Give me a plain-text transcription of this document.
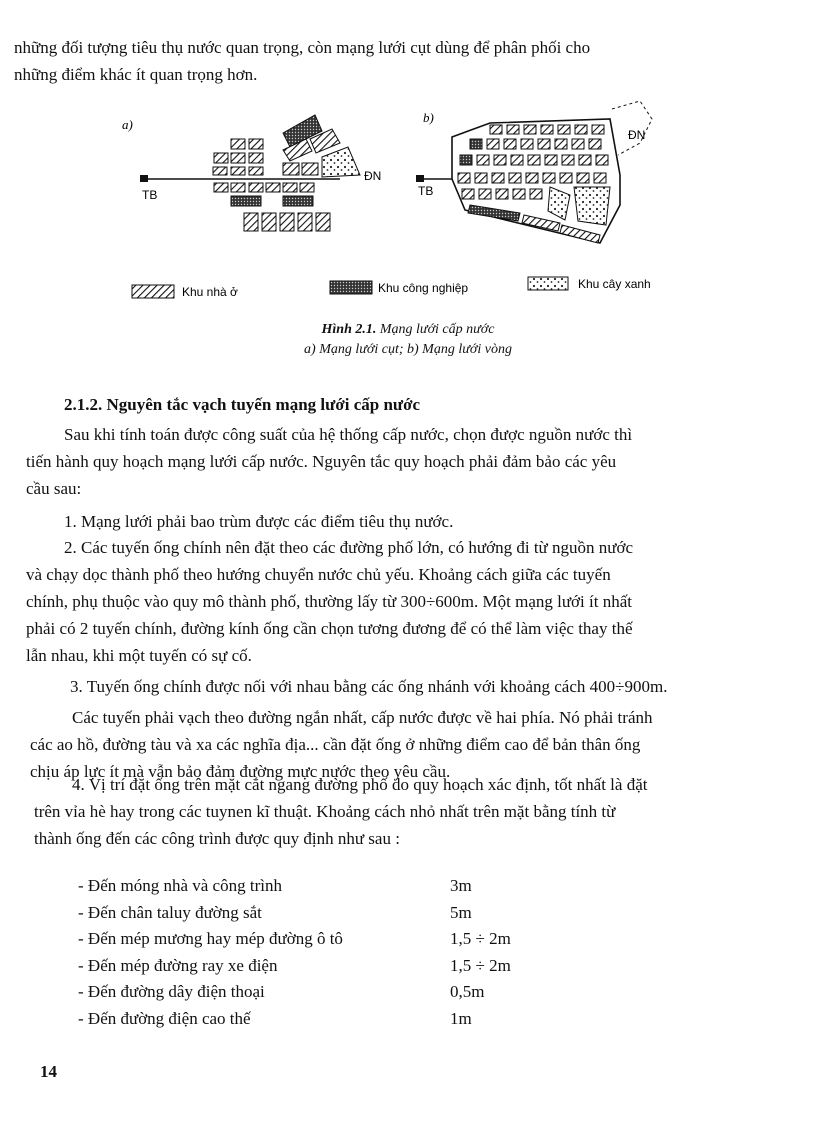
những đối tượng tiêu thụ nước quan trọng, còn mạng lưới cụt dùng để phân phối cho
những điểm khác ít quan trọng hơn.
a)
TB
ĐN
b)
TB
ĐN
Khu nhà ở	Khu công nghiệp	Khu cây xanh
Hình 2.1. Mạng lưới cấp nước
a) Mạng lưới cụt; b) Mạng lưới vòng
2.1.2. Nguyên tắc vạch tuyến mạng lưới cấp nước
Sau khi tính toán được công suất của hệ thống cấp nước, chọn được nguồn nước thì
tiến hành quy hoạch mạng lưới cấp nước. Nguyên tắc quy hoạch phải đảm bảo các yêu
cầu sau:
1. Mạng lưới phải bao trùm được các điểm tiêu thụ nước.
2. Các tuyến ống chính nên đặt theo các đường phố lớn, có hướng đi từ nguồn nước
và chạy dọc thành phố theo hướng chuyển nước chủ yếu. Khoảng cách giữa các tuyến
chính, phụ thuộc vào quy mô thành phố, thường lấy từ 300÷600m. Một mạng lưới ít nhất
phải có 2 tuyến chính, đường kính ống cần chọn tương đương để có thể làm việc thay thế
lẫn nhau, khi một tuyến có sự cố.
3. Tuyến ống chính được nối với nhau bằng các ống nhánh với khoảng cách 400÷900m.
Các tuyến phải vạch theo đường ngắn nhất, cấp nước được về hai phía. Nó phải tránh
các ao hồ, đường tàu và xa các nghĩa địa... cần đặt ống ở những điểm cao để bản thân ống
chịu áp lực ít mà vẫn bảo đảm đường mực nước theo yêu cầu.
4. Vị trí đặt ống trên mặt cắt ngang đường phố do quy hoạch xác định, tốt nhất là đặt
trên vỉa hè hay trong các tuynen kĩ thuật. Khoảng cách nhỏ nhất trên mặt bằng tính từ
thành ống đến các công trình được quy định như sau :
- Đến móng nhà và công trình	3m
- Đến chân taluy đường sắt	5m
- Đến mép mương hay mép đường ô tô	1,5 ÷ 2m
- Đến mép đường ray xe điện	1,5 ÷ 2m
- Đến đường dây điện thoại	0,5m
- Đến đường điện cao thế	1m
14
